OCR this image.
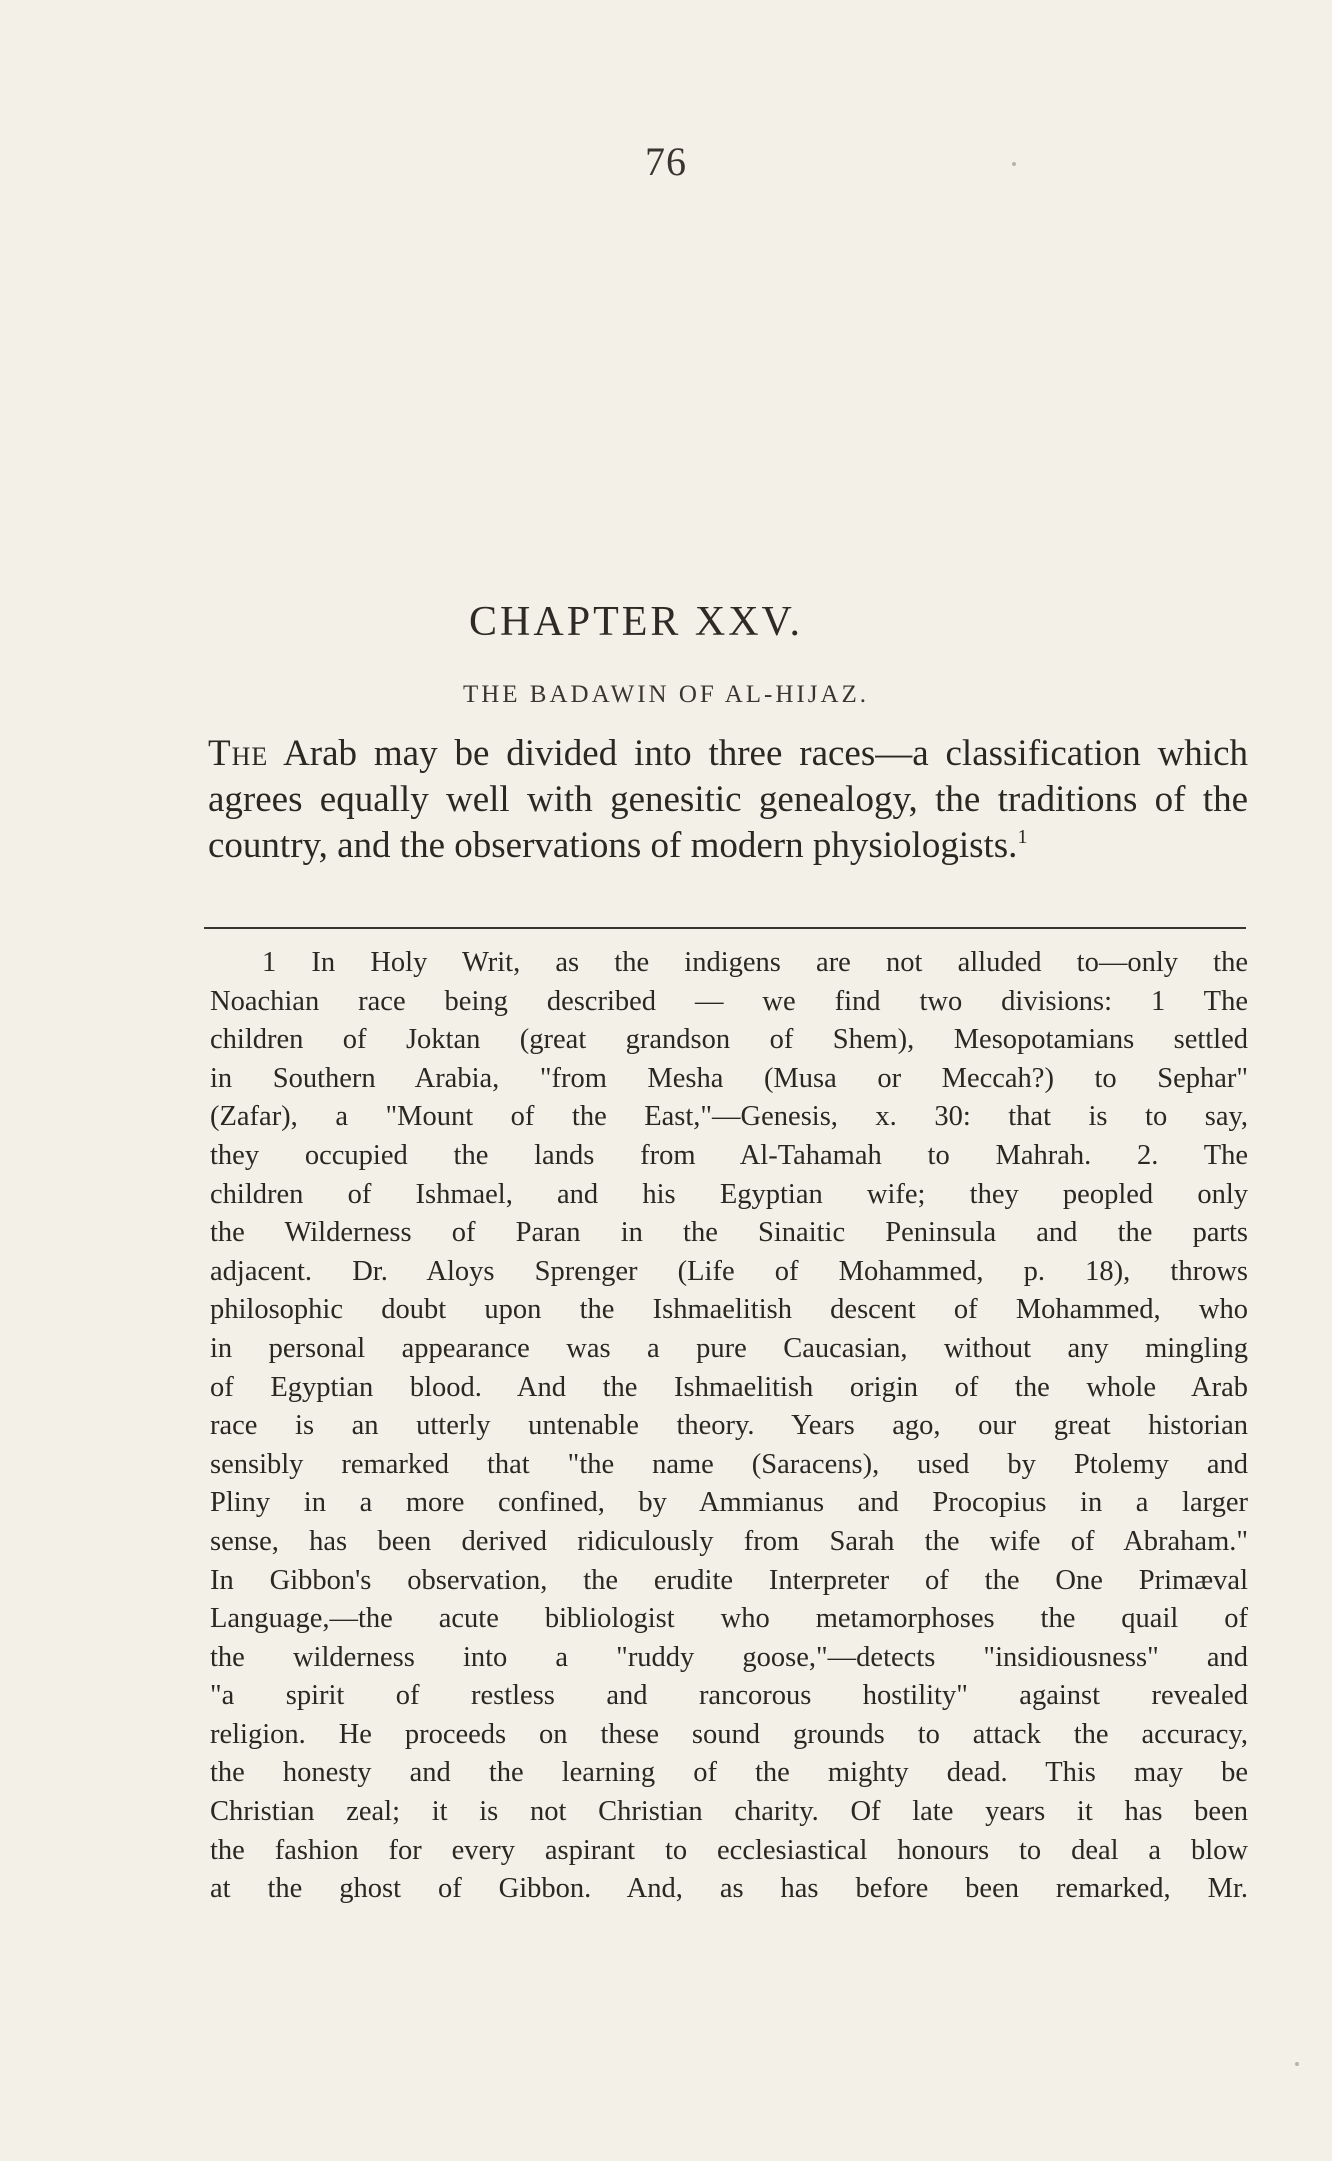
76
CHAPTER XXV.
THE BADAWIN OF AL-HIJAZ.
The Arab may be divided into three races—a classification which agrees equally well with genesitic genealogy, the traditions of the country, and the observations of modern physiologists.$^1$
1 In Holy Writ, as the indigens are not alluded to—only the
Noachian race being described — we find two divisions: 1 The
children of Joktan (great grandson of Shem), Mesopotamians settled
in Southern Arabia, "from Mesha (Musa or Meccah?) to Sephar"
(Zafar), a "Mount of the East,"—Genesis, x. 30: that is to say,
they occupied the lands from Al-Tahamah to Mahrah. 2. The
children of Ishmael, and his Egyptian wife; they peopled only
the Wilderness of Paran in the Sinaitic Peninsula and the parts
adjacent. Dr. Aloys Sprenger (Life of Mohammed, p. 18), throws
philosophic doubt upon the Ishmaelitish descent of Mohammed, who
in personal appearance was a pure Caucasian, without any mingling
of Egyptian blood. And the Ishmaelitish origin of the whole Arab
race is an utterly untenable theory. Years ago, our great historian
sensibly remarked that "the name (Saracens), used by Ptolemy and
Pliny in a more confined, by Ammianus and Procopius in a larger
sense, has been derived ridiculously from Sarah the wife of Abraham."
In Gibbon's observation, the erudite Interpreter of the One Primæval
Language,—the acute bibliologist who metamorphoses the quail of
the wilderness into a "ruddy goose,"—detects "insidiousness" and
"a spirit of restless and rancorous hostility" against revealed
religion. He proceeds on these sound grounds to attack the accuracy,
the honesty and the learning of the mighty dead. This may be
Christian zeal; it is not Christian charity. Of late years it has been
the fashion for every aspirant to ecclesiastical honours to deal a blow
at the ghost of Gibbon. And, as has before been remarked, Mr.
